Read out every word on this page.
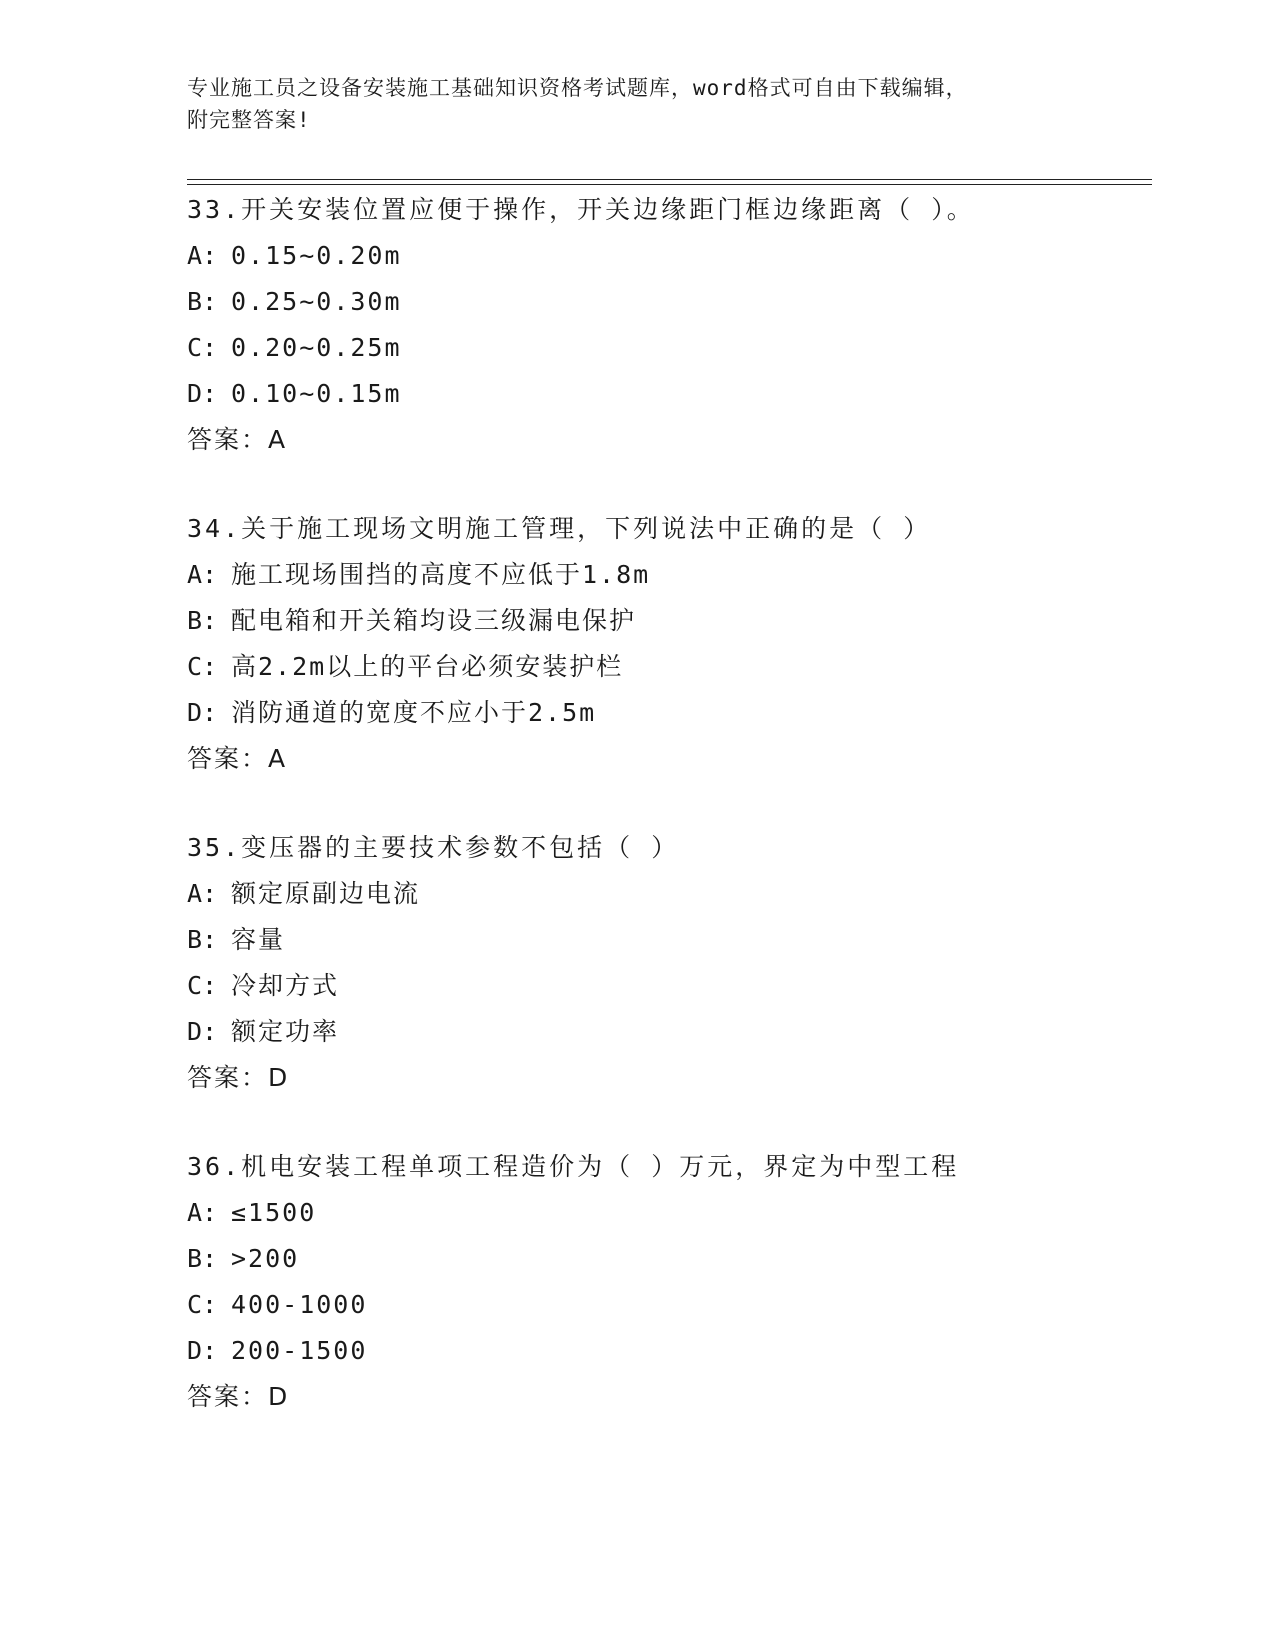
专业施工员之设备安装施工基础知识资格考试题库，word格式可自由下载编辑，
附完整答案!
33.开关安装位置应便于操作，开关边缘距门框边缘距离（ ）。
A: 0.15~0.20m
B: 0.25~0.30m
C: 0.20~0.25m
D: 0.10~0.15m
答案：A
34.关于施工现场文明施工管理，下列说法中正确的是（ ）
A: 施工现场围挡的高度不应低于1.8m
B: 配电箱和开关箱均设三级漏电保护
C: 高2.2m以上的平台必须安装护栏
D: 消防通道的宽度不应小于2.5m
答案：A
35.变压器的主要技术参数不包括（ ）
A: 额定原副边电流
B: 容量
C: 冷却方式
D: 额定功率
答案：D
36.机电安装工程单项工程造价为（ ）万元，界定为中型工程
A: ≤1500
B: >200
C: 400-1000
D: 200-1500
答案：D
